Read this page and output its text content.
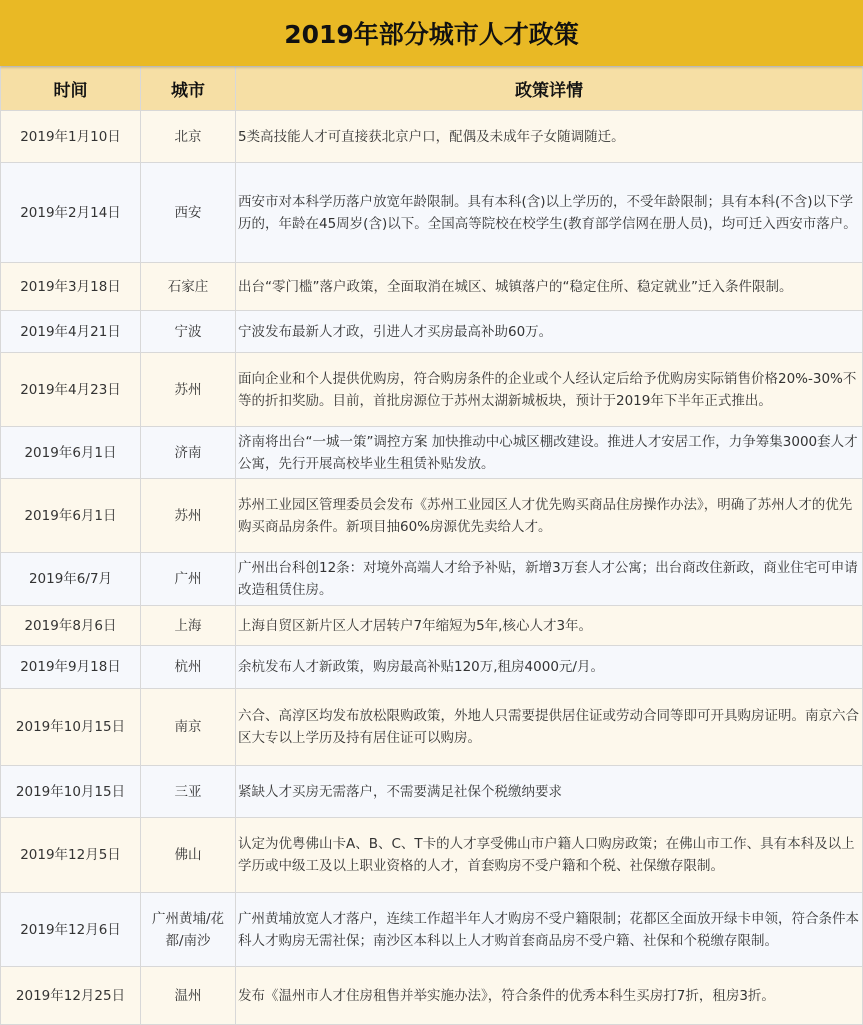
2019年部分城市人才政策
时间	城市	政策详情
2019年1月10日	北京	5类高技能人才可直接获北京户口，配偶及未成年子女随调随迁。
2019年2月14日	西安	西安市对本科学历落户放宽年龄限制。具有本科(含)以上学历的，不受年龄限制；具有本科(不含)以下学历的，年龄在45周岁(含)以下。全国高等院校在校学生(教育部学信网在册人员)，均可迁入西安市落户。
2019年3月18日	石家庄	出台“零门槛”落户政策，全面取消在城区、城镇落户的“稳定住所、稳定就业”迁入条件限制。
2019年4月21日	宁波	宁波发布最新人才政，引进人才买房最高补助60万。
2019年4月23日	苏州	面向企业和个人提供优购房，符合购房条件的企业或个人经认定后给予优购房实际销售价格20%-30%不等的折扣奖励。目前，首批房源位于苏州太湖新城板块，预计于2019年下半年正式推出。
2019年6月1日	济南	济南将出台“一城一策”调控方案 加快推动中心城区棚改建设。推进人才安居工作，力争筹集3000套人才公寓，先行开展高校毕业生租赁补贴发放。
2019年6月1日	苏州	苏州工业园区管理委员会发布《苏州工业园区人才优先购买商品住房操作办法》，明确了苏州人才的优先购买商品房条件。新项目抽60%房源优先卖给人才。
2019年6/7月	广州	广州出台科创12条：对境外高端人才给予补贴，新增3万套人才公寓；出台商改住新政，商业住宅可申请改造租赁住房。
2019年8月6日	上海	上海自贸区新片区人才居转户7年缩短为5年,核心人才3年。
2019年9月18日	杭州	余杭发布人才新政策，购房最高补贴120万,租房4000元/月。
2019年10月15日	南京	六合、高淳区均发布放松限购政策，外地人只需要提供居住证或劳动合同等即可开具购房证明。南京六合区大专以上学历及持有居住证可以购房。
2019年10月15日	三亚	紧缺人才买房无需落户，不需要满足社保个税缴纳要求
2019年12月5日	佛山	认定为优粤佛山卡A、B、C、T卡的人才享受佛山市户籍人口购房政策；在佛山市工作、具有本科及以上学历或中级工及以上职业资格的人才，首套购房不受户籍和个税、社保缴存限制。
2019年12月6日	广州黄埔/花都/南沙	广州黄埔放宽人才落户，连续工作超半年人才购房不受户籍限制；花都区全面放开绿卡申领，符合条件本科人才购房无需社保；南沙区本科以上人才购首套商品房不受户籍、社保和个税缴存限制。
2019年12月25日	温州	发布《温州市人才住房租售并举实施办法》，符合条件的优秀本科生买房打7折，租房3折。
